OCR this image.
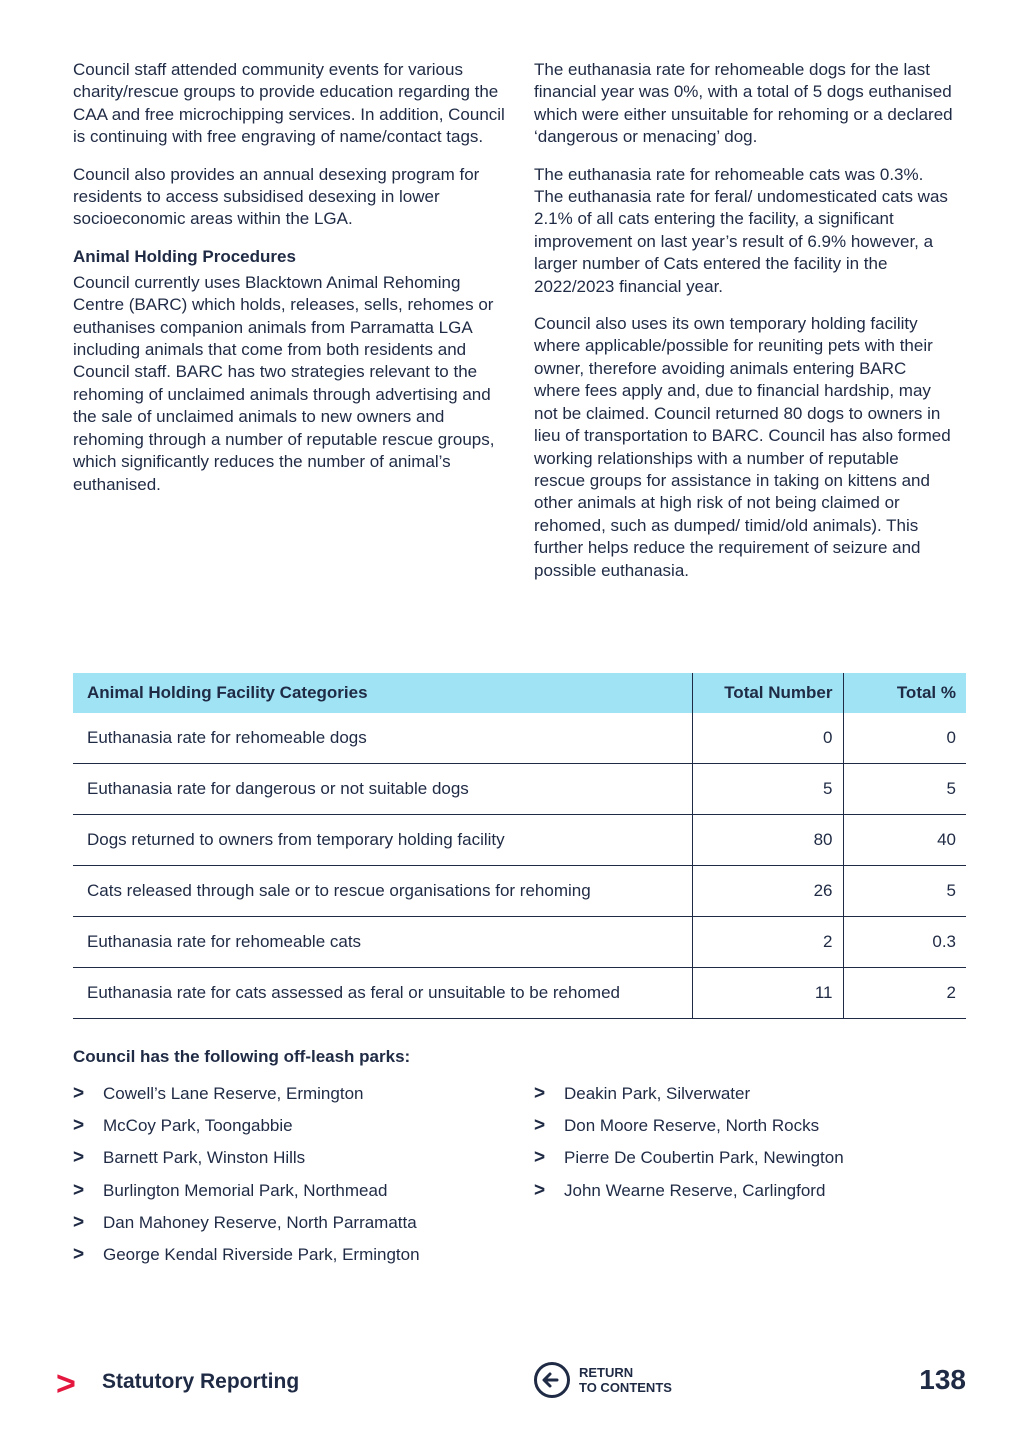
Council staff attended community events for various charity/rescue groups to provide education regarding the CAA and free microchipping services. In addition, Council is continuing with free engraving of name/contact tags.

Council also provides an annual desexing program for residents to access subsidised desexing in lower socioeconomic areas within the LGA.

Animal Holding Procedures

Council currently uses Blacktown Animal Rehoming Centre (BARC) which holds, releases, sells, rehomes or euthanises companion animals from Parramatta LGA including animals that come from both residents and Council staff. BARC has two strategies relevant to the rehoming of unclaimed animals through advertising and the sale of unclaimed animals to new owners and rehoming through a number of reputable rescue groups, which significantly reduces the number of animal’s euthanised.

The euthanasia rate for rehomeable dogs for the last financial year was 0%, with a total of 5 dogs euthanised which were either unsuitable for rehoming or a declared ‘dangerous or menacing’ dog.

The euthanasia rate for rehomeable cats was 0.3%. The euthanasia rate for feral/ undomesticated cats was 2.1% of all cats entering the facility, a significant improvement on last year’s result of 6.9% however, a larger number of Cats entered the facility in the 2022/2023 financial year.

Council also uses its own temporary holding facility where applicable/possible for reuniting pets with their owner, therefore avoiding animals entering BARC where fees apply and, due to financial hardship, may not be claimed. Council returned 80 dogs to owners in lieu of transportation to BARC. Council has also formed working relationships with a number of reputable rescue groups for assistance in taking on kittens and other animals at high risk of not being claimed or rehomed, such as dumped/ timid/old animals). This further helps reduce the requirement of seizure and possible euthanasia.

Animal Holding Facility Categories	Total Number	Total %
Euthanasia rate for rehomeable dogs	0	0
Euthanasia rate for dangerous or not suitable dogs	5	5
Dogs returned to owners from temporary holding facility	80	40
Cats released through sale or to rescue organisations for rehoming	26	5
Euthanasia rate for rehomeable cats	2	0.3
Euthanasia rate for cats assessed as feral or unsuitable to be rehomed	11	2
Council has the following off-leash parks:
>	Cowell’s Lane Reserve, Ermington
>	McCoy Park, Toongabbie
>	Barnett Park, Winston Hills
>	Burlington Memorial Park, Northmead
>	Dan Mahoney Reserve, North Parramatta
>	George Kendal Riverside Park, Ermington
>	Deakin Park, Silverwater
>	Don Moore Reserve, North Rocks
>	Pierre De Coubertin Park, Newington
>	John Wearne Reserve, Carlingford
> Statutory Reporting	RETURN
TO CONTENTS	138
